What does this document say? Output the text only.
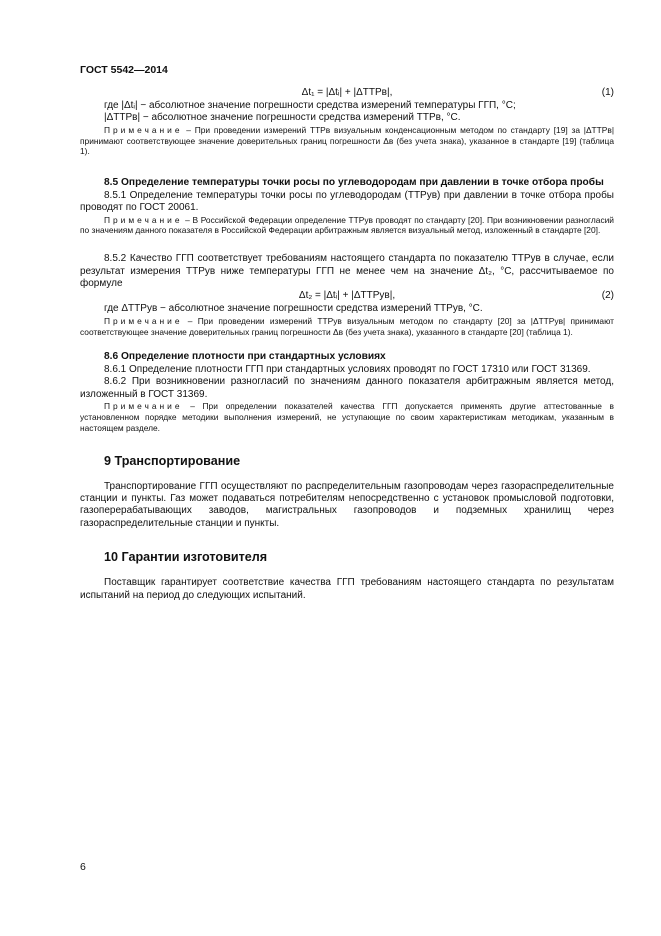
ГОСТ 5542—2014
Δt₁ = |Δtᵢ| + |ΔТТРв|,	(1)

где |Δtᵢ| − абсолютное значение погрешности средства измерений температуры ГГП, °С;

|ΔТТРв| − абсолютное значение погрешности средства измерений ТТРв, °С.

Примечание – При проведении измерений ТТРв визуальным конденсационным методом по стандарту [19] за |ΔТТРв| принимают соответствующее значение доверительных границ погрешности Δв (без учета знака), указанное в стандарте [19] (таблица 1).

8.5 Определение температуры точки росы по углеводородам при давлении в точке отбора пробы

8.5.1 Определение температуры точки росы по углеводородам (ТТРув) при давлении в точке отбора пробы проводят по ГОСТ 20061.

Примечание – В Российской Федерации определение ТТРув проводят по стандарту [20]. При возникновении разногласий по значениям данного показателя в Российской Федерации арбитражным является визуальный метод, изложенный в стандарте [20].

8.5.2 Качество ГГП соответствует требованиям настоящего стандарта по показателю ТТРув в случае, если результат измерения ТТРув ниже температуры ГГП не менее чем на значение Δt₂, °С, рассчитываемое по формуле

Δt₂ = |Δtᵢ| + |ΔТТРув|,	(2)

где ΔТТРув − абсолютное значение погрешности средства измерений ТТРув, °С.

Примечание – При проведении измерений ТТРув визуальным методом по стандарту [20] за |ΔТТРув| принимают соответствующее значение доверительных границ погрешности Δв (без учета знака), указанного в стандарте [20] (таблица 1).

8.6 Определение плотности при стандартных условиях

8.6.1 Определение плотности ГГП при стандартных условиях проводят по ГОСТ 17310 или ГОСТ 31369.

8.6.2 При возникновении разногласий по значениям данного показателя арбитражным является метод, изложенный в ГОСТ 31369.

Примечание – При определении показателей качества ГГП допускается применять другие аттестованные в установленном порядке методики выполнения измерений, не уступающие по своим характеристикам методикам, указанным в настоящем разделе.

9 Транспортирование

Транспортирование ГГП осуществляют по распределительным газопроводам через газораспределительные станции и пункты. Газ может подаваться потребителям непосредственно с установок промысловой подготовки, газоперерабатывающих заводов, магистральных газопроводов и подземных хранилищ через газораспределительные станции и пункты.

10 Гарантии изготовителя

Поставщик гарантирует соответствие качества ГГП требованиям настоящего стандарта по результатам испытаний на период до следующих испытаний.

6
